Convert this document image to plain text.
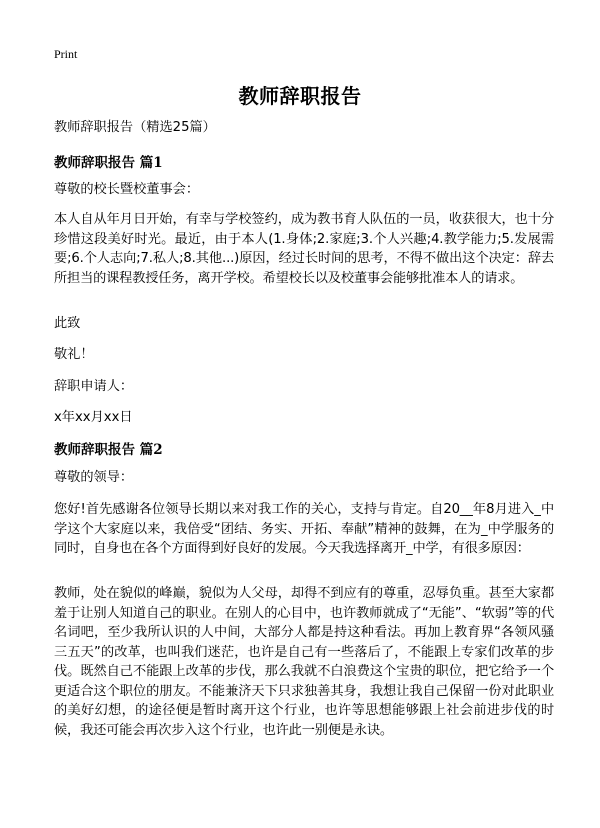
Print
教师辞职报告
教师辞职报告（精选25篇）
教师辞职报告 篇1
尊敬的校长暨校董事会：
本人自从年月日开始，有幸与学校签约，成为教书育人队伍的一员，收获很大，也十分珍惜这段美好时光。最近，由于本人(1.身体;2.家庭;3.个人兴趣;4.教学能力;5.发展需要;6.个人志向;7.私人;8.其他...)原因，经过长时间的思考，不得不做出这个决定：辞去所担当的课程教授任务，离开学校。希望校长以及校董事会能够批准本人的请求。
此致
敬礼！
辞职申请人：
x年xx月xx日
教师辞职报告 篇2
尊敬的领导：
您好!首先感谢各位领导长期以来对我工作的关心，支持与肯定。自20__年8月进入_中学这个大家庭以来，我倍受“团结、务实、开拓、奉献”精神的鼓舞，在为_中学服务的同时，自身也在各个方面得到好良好的发展。今天我选择离开_中学，有很多原因：
教师，处在貌似的峰巅，貌似为人父母，却得不到应有的尊重，忍辱负重。甚至大家都羞于让别人知道自己的职业。在别人的心目中，也许教师就成了“无能”、“软弱”等的代名词吧，至少我所认识的人中间，大部分人都是持这种看法。再加上教育界“各领风骚三五天”的改革，也叫我们迷茫，也许是自己有一些落后了，不能跟上专家们改革的步伐。既然自己不能跟上改革的步伐，那么我就不白浪费这个宝贵的职位，把它给予一个更适合这个职位的朋友。不能兼济天下只求独善其身，我想让我自己保留一份对此职业的美好幻想，的途径便是暂时离开这个行业，也许等思想能够跟上社会前进步伐的时候，我还可能会再次步入这个行业，也许此一别便是永诀。
